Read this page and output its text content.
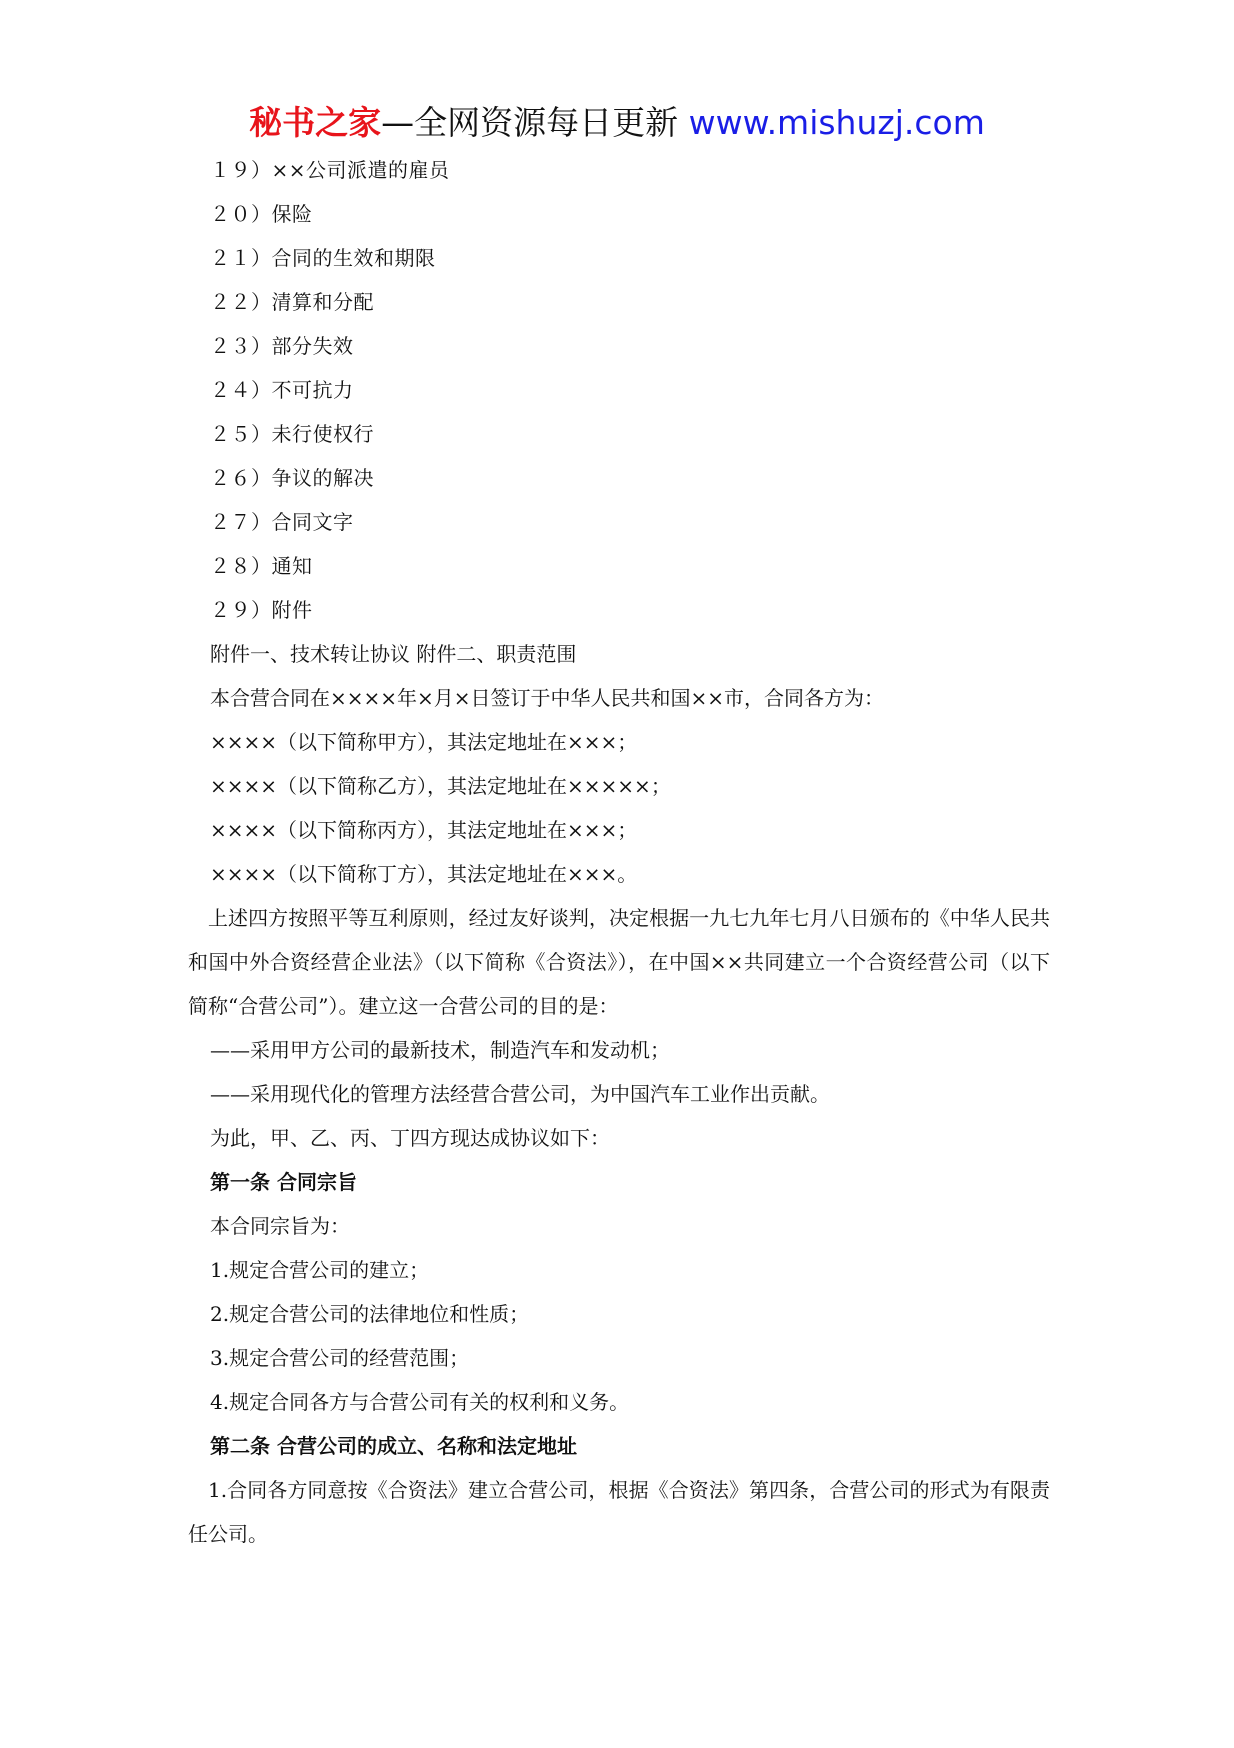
秘书之家—全网资源每日更新 www.mishuzj.com

１９）××公司派遣的雇员

２０）保险

２１）合同的生效和期限

２２）清算和分配

２３）部分失效

２４）不可抗力

２５）未行使权行

２６）争议的解决

２７）合同文字

２８）通知

２９）附件

附件一、技术转让协议 附件二、职责范围

本合营合同在××××年×月×日签订于中华人民共和国××市，合同各方为：

××××（以下简称甲方），其法定地址在×××；

××××（以下简称乙方），其法定地址在×××××；

××××（以下简称丙方），其法定地址在×××；

××××（以下简称丁方），其法定地址在×××。

上述四方按照平等互利原则，经过友好谈判，决定根据一九七九年七月八日颁布的《中华人民共和国中外合资经营企业法》（以下简称《合资法》），在中国××共同建立一个合资经营公司（以下简称“合营公司”）。建立这一合营公司的目的是：

——采用甲方公司的最新技术，制造汽车和发动机；

——采用现代化的管理方法经营合营公司，为中国汽车工业作出贡献。

为此，甲、乙、丙、丁四方现达成协议如下：

第一条 合同宗旨

本合同宗旨为：

1.规定合营公司的建立；

2.规定合营公司的法律地位和性质；

3.规定合营公司的经营范围；

4.规定合同各方与合营公司有关的权利和义务。

第二条 合营公司的成立、名称和法定地址

1.合同各方同意按《合资法》建立合营公司，根据《合资法》第四条，合营公司的形式为有限责任公司。
